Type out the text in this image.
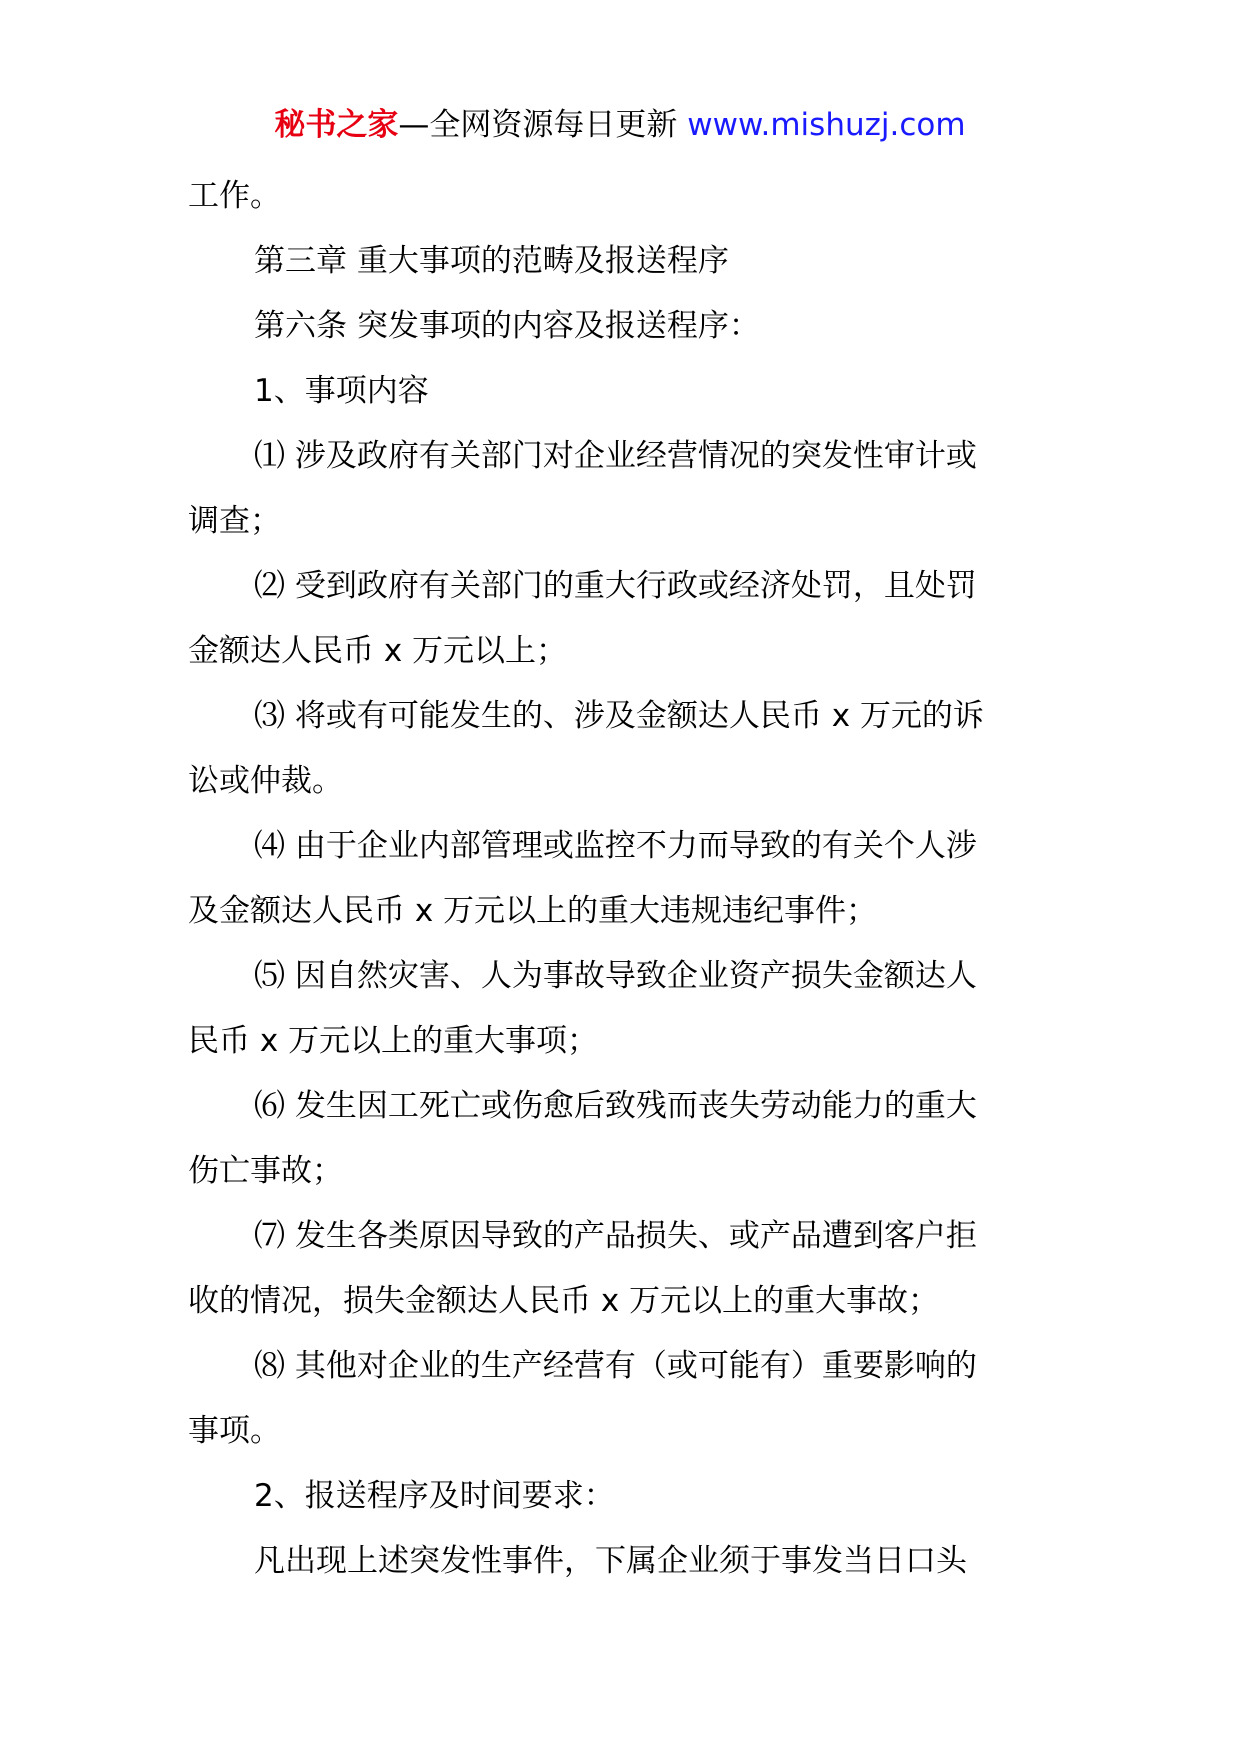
秘书之家—全网资源每日更新 www.mishuzj.com
工作。
第三章 重大事项的范畴及报送程序
第六条 突发事项的内容及报送程序：
1、事项内容
⑴ 涉及政府有关部门对企业经营情况的突发性审计或
调查；
⑵ 受到政府有关部门的重大行政或经济处罚，且处罚
金额达人民币 x 万元以上；
⑶ 将或有可能发生的、涉及金额达人民币 x 万元的诉
讼或仲裁。
⑷ 由于企业内部管理或监控不力而导致的有关个人涉
及金额达人民币 x 万元以上的重大违规违纪事件；
⑸ 因自然灾害、人为事故导致企业资产损失金额达人
民币 x 万元以上的重大事项；
⑹ 发生因工死亡或伤愈后致残而丧失劳动能力的重大
伤亡事故；
⑺ 发生各类原因导致的产品损失、或产品遭到客户拒
收的情况，损失金额达人民币 x 万元以上的重大事故；
⑻ 其他对企业的生产经营有（或可能有）重要影响的
事项。
2、报送程序及时间要求：
凡出现上述突发性事件，下属企业须于事发当日口头
